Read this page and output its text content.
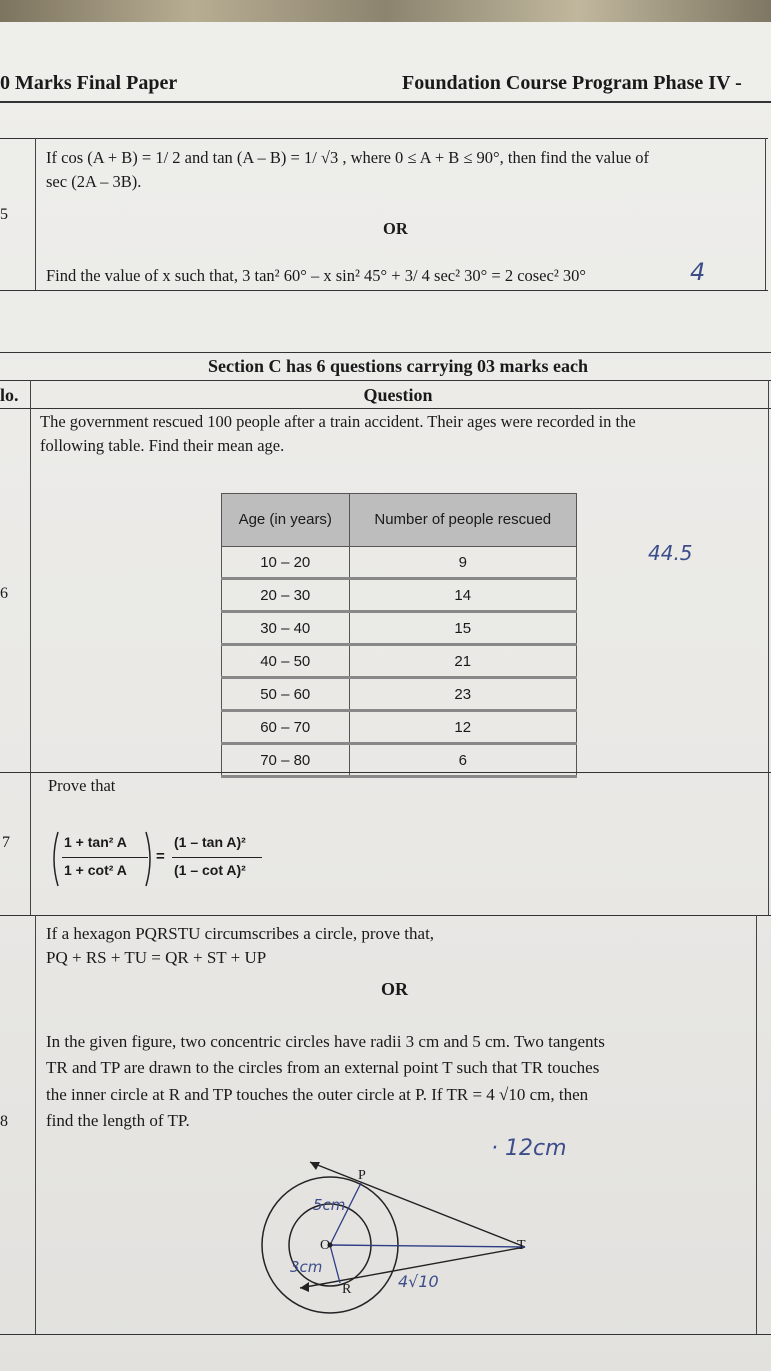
0 Marks Final Paper	Foundation Course Program Phase IV -
5
If cos (A + B) = 1/ 2 and tan (A – B) = 1/ √3 , where 0 ≤ A + B ≤ 90°, then find the value of
sec (2A – 3B).
OR
Find the value of x such that, 3 tan² 60° – x sin² 45° + 3/ 4 sec² 30° = 2 cosec² 30°	4
Section C has 6 questions carrying 03 marks each
lo.	Question
6
The government rescued 100 people after a train accident. Their ages were recorded in the
following table. Find their mean age.
Age (in years)	Number of people rescued
10 – 20	9
20 – 30	14
30 – 40	15
40 – 50	21
50 – 60	23
60 – 70	12
70 – 80	6
44.5
7
Prove that
1 + tan² A
1 + cot² A
=
(1 – tan A)²
(1 – cot A)²
8
If a hexagon PQRSTU circumscribes a circle, prove that,
PQ + RS + TU = QR + ST + UP
OR
In the given figure, two concentric circles have radii 3 cm and 5 cm. Two tangents
TR and TP are drawn to the circles from an external point T such that TR touches
the inner circle at R and TP touches the outer circle at P. If TR = 4 √10 cm, then
find the length of TP.
· 12cm
P
O
R
T
5cm
3cm
4√10
